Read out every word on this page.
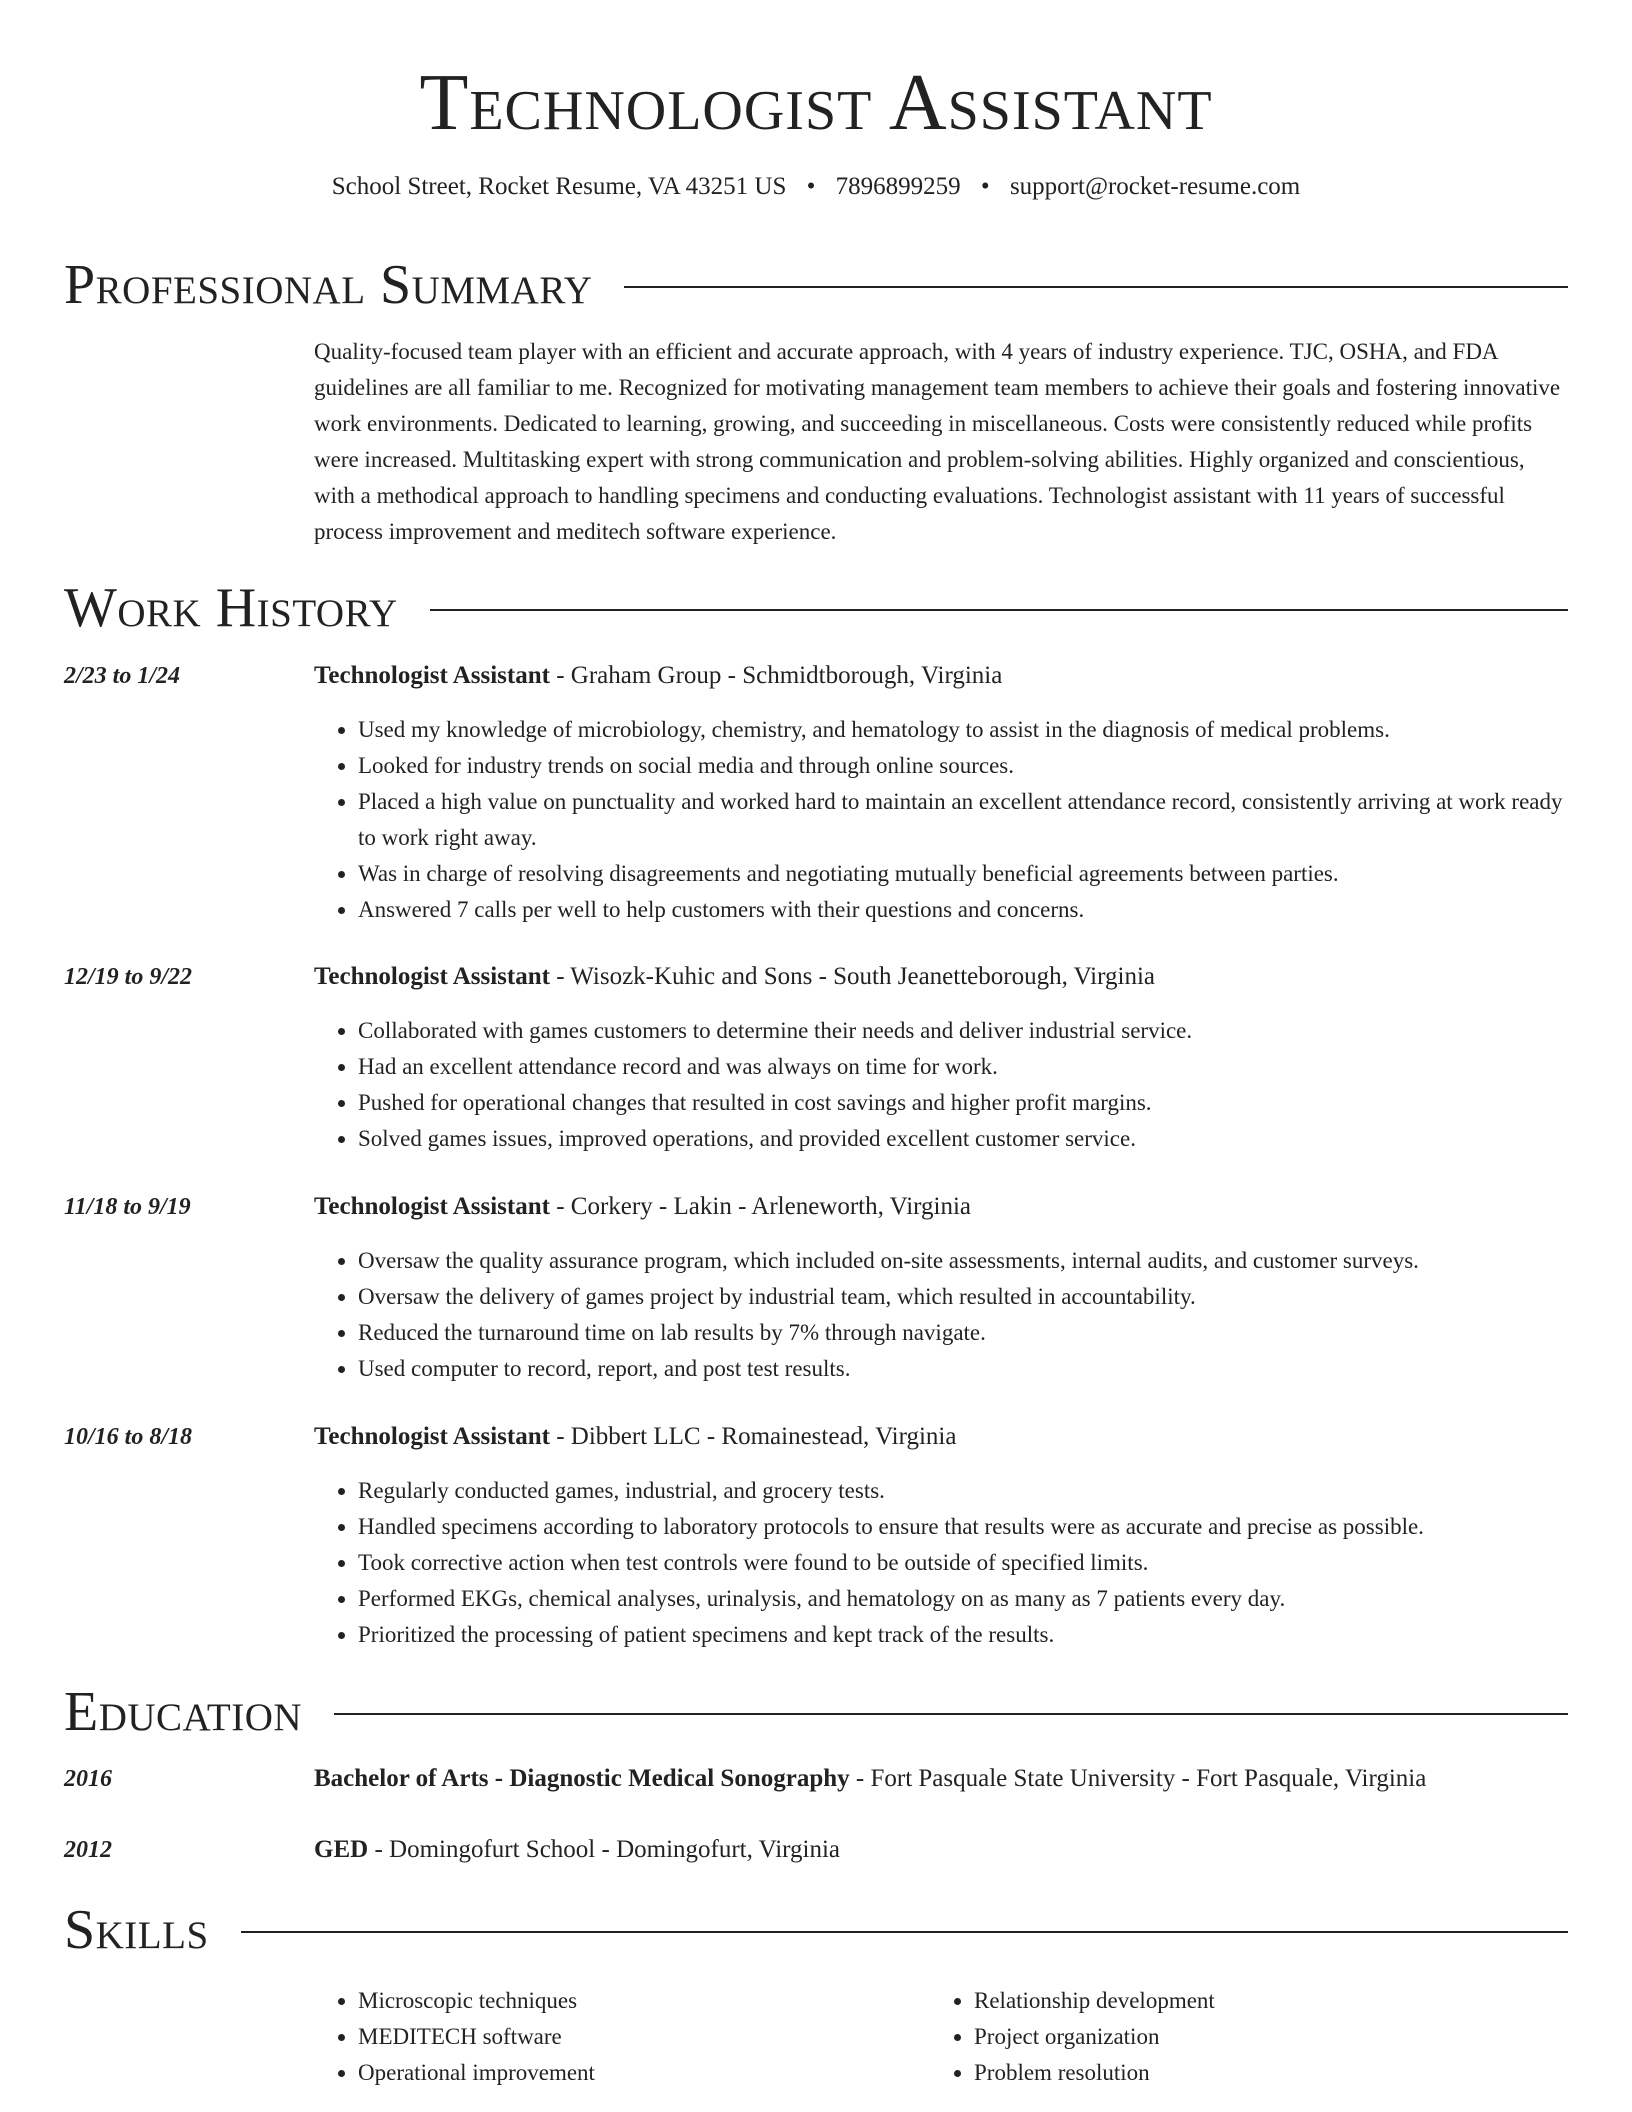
Technologist Assistant
School Street, Rocket Resume, VA 43251 US • 7896899259 • support@rocket-resume.com
Professional Summary
Quality-focused team player with an efficient and accurate approach, with 4 years of industry experience. TJC, OSHA, and FDA guidelines are all familiar to me. Recognized for motivating management team members to achieve their goals and fostering innovative work environments. Dedicated to learning, growing, and succeeding in miscellaneous. Costs were consistently reduced while profits were increased. Multitasking expert with strong communication and problem-solving abilities. Highly organized and conscientious, with a methodical approach to handling specimens and conducting evaluations. Technologist assistant with 11 years of successful process improvement and meditech software experience.
Work History
2/23 to 1/24	Technologist Assistant - Graham Group - Schmidtborough, Virginia
• Used my knowledge of microbiology, chemistry, and hematology to assist in the diagnosis of medical problems.
• Looked for industry trends on social media and through online sources.
• Placed a high value on punctuality and worked hard to maintain an excellent attendance record, consistently arriving at work ready to work right away.
• Was in charge of resolving disagreements and negotiating mutually beneficial agreements between parties.
• Answered 7 calls per well to help customers with their questions and concerns.
12/19 to 9/22	Technologist Assistant - Wisozk-Kuhic and Sons - South Jeanetteborough, Virginia
• Collaborated with games customers to determine their needs and deliver industrial service.
• Had an excellent attendance record and was always on time for work.
• Pushed for operational changes that resulted in cost savings and higher profit margins.
• Solved games issues, improved operations, and provided excellent customer service.
11/18 to 9/19	Technologist Assistant - Corkery - Lakin - Arleneworth, Virginia
• Oversaw the quality assurance program, which included on-site assessments, internal audits, and customer surveys.
• Oversaw the delivery of games project by industrial team, which resulted in accountability.
• Reduced the turnaround time on lab results by 7% through navigate.
• Used computer to record, report, and post test results.
10/16 to 8/18	Technologist Assistant - Dibbert LLC - Romainestead, Virginia
• Regularly conducted games, industrial, and grocery tests.
• Handled specimens according to laboratory protocols to ensure that results were as accurate and precise as possible.
• Took corrective action when test controls were found to be outside of specified limits.
• Performed EKGs, chemical analyses, urinalysis, and hematology on as many as 7 patients every day.
• Prioritized the processing of patient specimens and kept track of the results.
Education
2016	Bachelor of Arts - Diagnostic Medical Sonography - Fort Pasquale State University - Fort Pasquale, Virginia
2012	GED - Domingofurt School - Domingofurt, Virginia
Skills
• Microscopic techniques
• MEDITECH software
• Operational improvement
• Relationship development
• Project organization
• Problem resolution
